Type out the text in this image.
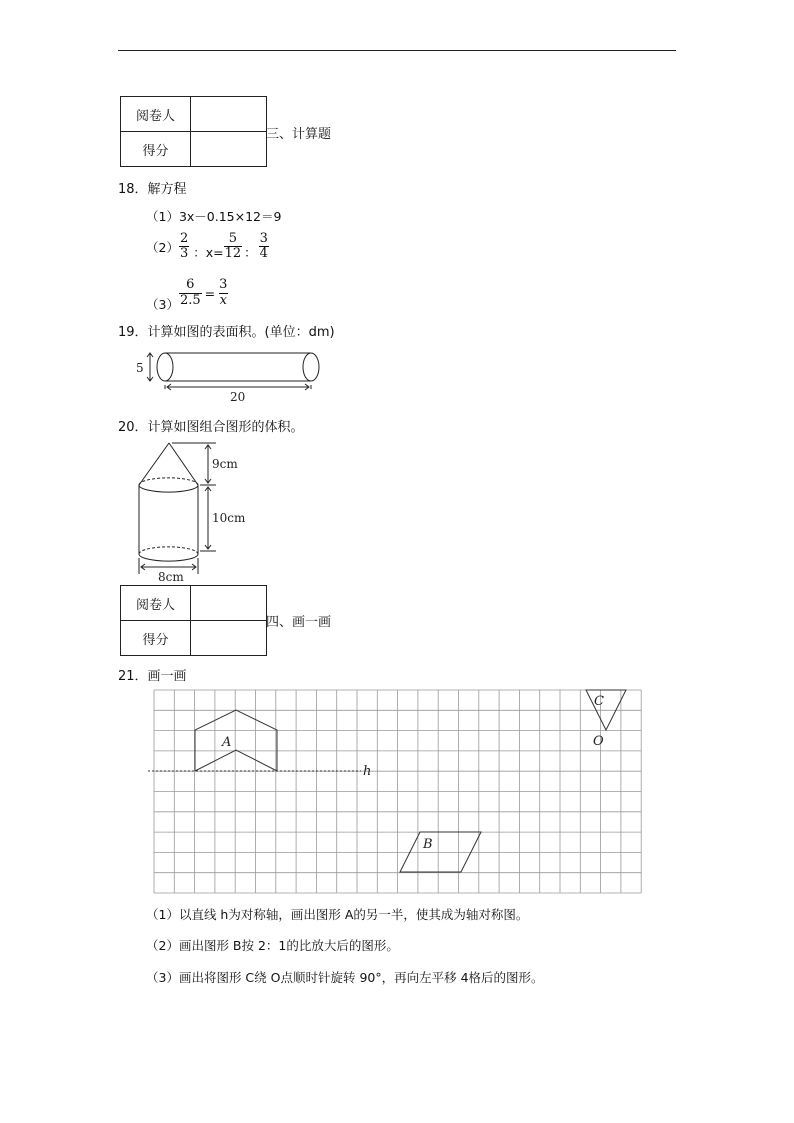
阅卷人	
得分	
三、计算题
18．解方程
（1）3x－0.15×12＝9
$(2) \frac{2}{3}$ ：$x= \frac{5}{12}$ ： $\frac{3}{4}$
$(3) \frac{6}{2.5} = \frac{3}{x}$
19．计算如图的表面积。(单位：dm)
5
20
20．计算如图组合图形的体积。
9cm
10cm
8cm
阅卷人	
得分	
四、画一画
21．画一画
A
B
C
O
h
（1）以直线 h为对称轴，画出图形 A的另一半，使其成为轴对称图。
（2）画出图形 B按 2：1的比放大后的图形。
（3）画出将图形 C绕 O点顺时针旋转 90°，再向左平移 4格后的图形。
